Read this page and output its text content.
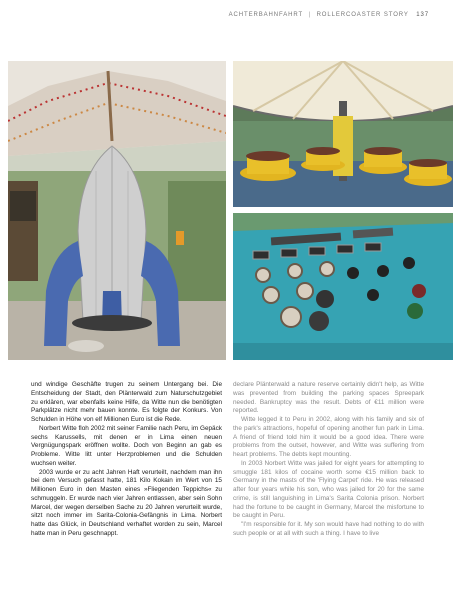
ACHTERBAHNFAHRT | ROLLERCOASTER STORY 137

und windige Geschäfte trugen zu seinem Untergang bei. Die Entscheidung der Stadt, den Plänterwald zum Naturschutzgebiet zu erklären, war ebenfalls keine Hilfe, da Witte nun die benötigten Parkplätze nicht mehr bauen konnte. Es folgte der Konkurs. Von Schulden in Höhe von elf Millionen Euro ist die Rede.

Norbert Witte floh 2002 mit seiner Familie nach Peru, im Gepäck sechs Karussells, mit denen er in Lima einen neuen Vergnügungspark eröffnen wollte. Doch von Beginn an gab es Probleme. Witte litt unter Herzproblemen und die Schulden wuchsen weiter.

2003 wurde er zu acht Jahren Haft verurteilt, nachdem man ihn bei dem Versuch gefasst hatte, 181 Kilo Kokain im Wert von 15 Millionen Euro in den Masten eines »Fliegenden Teppichs« zu schmuggeln. Er wurde nach vier Jahren entlassen, aber sein Sohn Marcel, der wegen derselben Sache zu 20 Jahren verurteilt wurde, sitzt noch immer im Sarita-Colonia-Gefängnis in Lima. Norbert hatte das Glück, in Deutschland verhaftet worden zu sein, Marcel hatte man in Peru geschnappt.

declare Plänterwald a nature reserve certainly didn't help, as Witte was prevented from building the parking spaces Spreepark needed. Bankruptcy was the result. Debts of €11 million were reported.

Witte legged it to Peru in 2002, along with his family and six of the park's attractions, hopeful of opening another fun park in Lima. A friend of friend told him it would be a good idea. There were problems from the outset, however, and Witte was suffering from heart problems. The debts kept mounting.

In 2003 Norbert Witte was jailed for eight years for attempting to smuggle 181 kilos of cocaine worth some €15 million back to Germany in the masts of the 'Flying Carpet' ride. He was released after four years while his son, who was jailed for 20 for the same crime, is still languishing in Lima's Sarita Colonia prison. Norbert had the fortune to be caught in Germany, Marcel the misfortune to be caught in Peru.

"I'm responsible for it. My son would have had nothing to do with such people or at all with such a thing. I have to live
